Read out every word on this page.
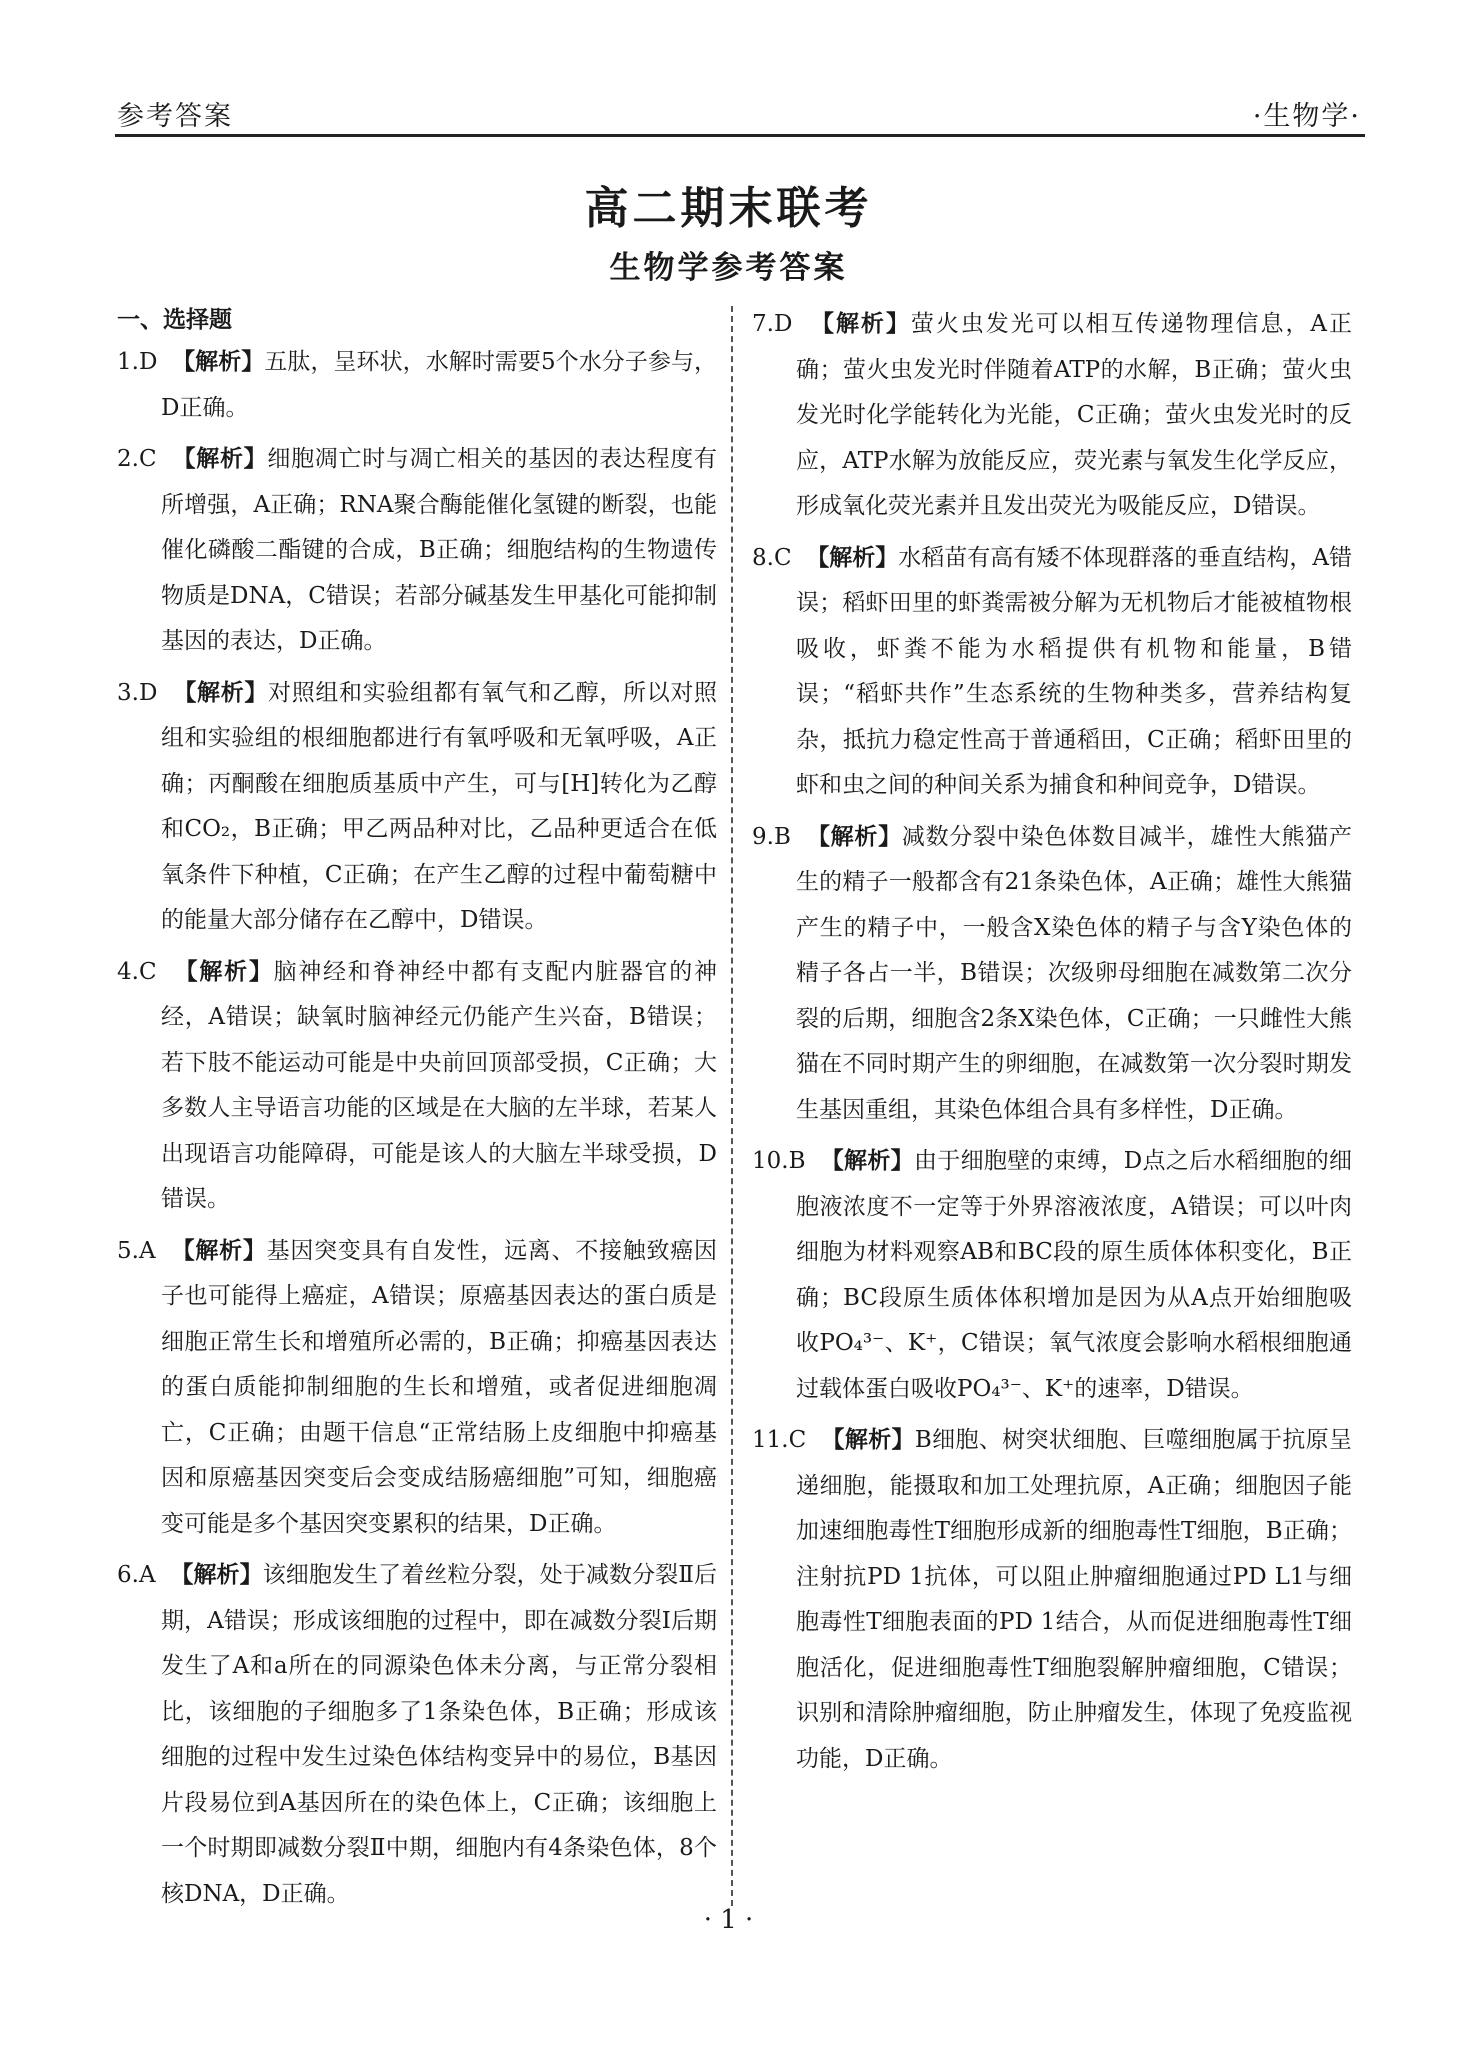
参考答案	·生物学·
高二期末联考
生物学参考答案
一、选择题
1.D 【解析】五肽，呈环状，水解时需要5个水分子参与，D正确。
2.C 【解析】细胞凋亡时与凋亡相关的基因的表达程度有所增强，A正确；RNA聚合酶能催化氢键的断裂，也能催化磷酸二酯键的合成，B正确；细胞结构的生物遗传物质是DNA，C错误；若部分碱基发生甲基化可能抑制基因的表达，D正确。
3.D 【解析】对照组和实验组都有氧气和乙醇，所以对照组和实验组的根细胞都进行有氧呼吸和无氧呼吸，A正确；丙酮酸在细胞质基质中产生，可与[H]转化为乙醇和CO₂，B正确；甲乙两品种对比，乙品种更适合在低氧条件下种植，C正确；在产生乙醇的过程中葡萄糖中的能量大部分储存在乙醇中，D错误。
4.C 【解析】脑神经和脊神经中都有支配内脏器官的神经，A错误；缺氧时脑神经元仍能产生兴奋，B错误；若下肢不能运动可能是中央前回顶部受损，C正确；大多数人主导语言功能的区域是在大脑的左半球，若某人出现语言功能障碍，可能是该人的大脑左半球受损，D错误。
5.A 【解析】基因突变具有自发性，远离、不接触致癌因子也可能得上癌症，A错误；原癌基因表达的蛋白质是细胞正常生长和增殖所必需的，B正确；抑癌基因表达的蛋白质能抑制细胞的生长和增殖，或者促进细胞凋亡，C正确；由题干信息“正常结肠上皮细胞中抑癌基因和原癌基因突变后会变成结肠癌细胞”可知，细胞癌变可能是多个基因突变累积的结果，D正确。
6.A 【解析】该细胞发生了着丝粒分裂，处于减数分裂Ⅱ后期，A错误；形成该细胞的过程中，即在减数分裂Ⅰ后期发生了A和a所在的同源染色体未分离，与正常分裂相比，该细胞的子细胞多了1条染色体，B正确；形成该细胞的过程中发生过染色体结构变异中的易位，B基因片段易位到A基因所在的染色体上，C正确；该细胞上一个时期即减数分裂Ⅱ中期，细胞内有4条染色体，8个核DNA，D正确。
7.D 【解析】萤火虫发光可以相互传递物理信息，A正确；萤火虫发光时伴随着ATP的水解，B正确；萤火虫发光时化学能转化为光能，C正确；萤火虫发光时的反应，ATP水解为放能反应，荧光素与氧发生化学反应，形成氧化荧光素并且发出荧光为吸能反应，D错误。
8.C 【解析】水稻苗有高有矮不体现群落的垂直结构，A错误；稻虾田里的虾粪需被分解为无机物后才能被植物根吸收，虾粪不能为水稻提供有机物和能量，B错误；“稻虾共作”生态系统的生物种类多，营养结构复杂，抵抗力稳定性高于普通稻田，C正确；稻虾田里的虾和虫之间的种间关系为捕食和种间竞争，D错误。
9.B 【解析】减数分裂中染色体数目减半，雄性大熊猫产生的精子一般都含有21条染色体，A正确；雄性大熊猫产生的精子中，一般含X染色体的精子与含Y染色体的精子各占一半，B错误；次级卵母细胞在减数第二次分裂的后期，细胞含2条X染色体，C正确；一只雌性大熊猫在不同时期产生的卵细胞，在减数第一次分裂时期发生基因重组，其染色体组合具有多样性，D正确。
10.B 【解析】由于细胞壁的束缚，D点之后水稻细胞的细胞液浓度不一定等于外界溶液浓度，A错误；可以叶肉细胞为材料观察AB和BC段的原生质体体积变化，B正确；BC段原生质体体积增加是因为从A点开始细胞吸收PO₄³⁻、K⁺，C错误；氧气浓度会影响水稻根细胞通过载体蛋白吸收PO₄³⁻、K⁺的速率，D错误。
11.C 【解析】B细胞、树突状细胞、巨噬细胞属于抗原呈递细胞，能摄取和加工处理抗原，A正确；细胞因子能加速细胞毒性T细胞形成新的细胞毒性T细胞，B正确；注射抗PD 1抗体，可以阻止肿瘤细胞通过PD L1与细胞毒性T细胞表面的PD 1结合，从而促进细胞毒性T细胞活化，促进细胞毒性T细胞裂解肿瘤细胞，C错误；识别和清除肿瘤细胞，防止肿瘤发生，体现了免疫监视功能，D正确。
· 1 ·
